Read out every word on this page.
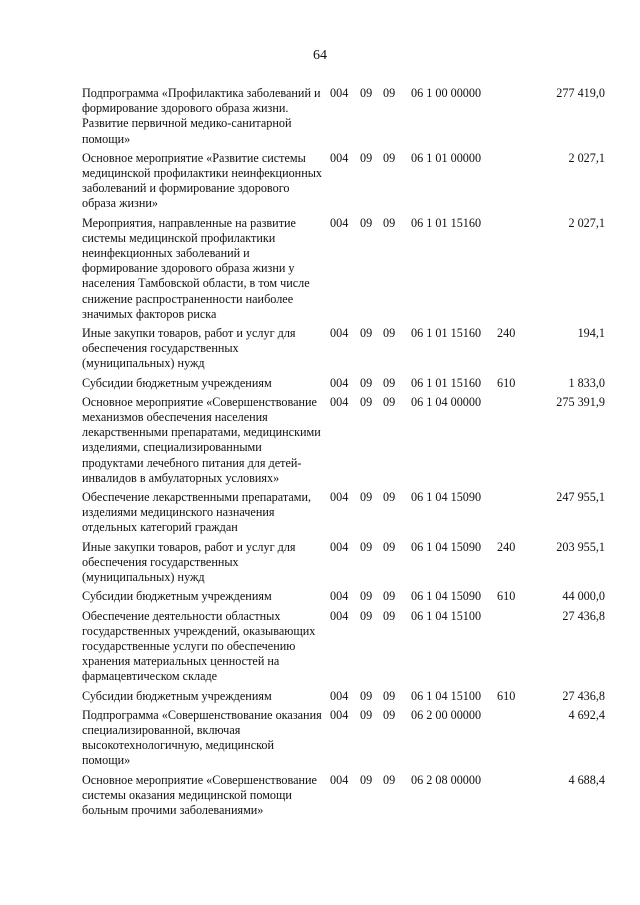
64
Подпрограмма «Профилактика заболеваний и формирование здорового образа жизни. Развитие первичной медико-санитарной помощи»
004 09 09 06 1 00 00000	277 419,0
Основное мероприятие «Развитие системы медицинской профилактики неинфекционных заболеваний и формирование здорового образа жизни»
004 09 09 06 1 01 00000	2 027,1
Мероприятия, направленные на развитие системы медицинской профилактики неинфекционных заболеваний и формирование здорового образа жизни у населения Тамбовской области, в том числе снижение распространенности наиболее значимых факторов риска
004 09 09 06 1 01 15160	2 027,1
Иные закупки товаров, работ и услуг для обеспечения государственных (муниципальных) нужд
004 09 09 06 1 01 15160 240	194,1
Субсидии бюджетным учреждениям	004 09 09 06 1 01 15160 610	1 833,0
Основное мероприятие «Совершенствование механизмов обеспечения населения лекарственными препаратами, медицинскими изделиями, специализированными продуктами лечебного питания для детей-инвалидов в амбулаторных условиях»
004 09 09 06 1 04 00000	275 391,9
Обеспечение лекарственными препаратами, изделиями медицинского назначения отдельных категорий граждан
004 09 09 06 1 04 15090	247 955,1
Иные закупки товаров, работ и услуг для обеспечения государственных (муниципальных) нужд
004 09 09 06 1 04 15090 240	203 955,1
Субсидии бюджетным учреждениям	004 09 09 06 1 04 15090 610	44 000,0
Обеспечение деятельности областных государственных учреждений, оказывающих государственные услуги по обеспечению хранения материальных ценностей на фармацевтическом складе
004 09 09 06 1 04 15100	27 436,8
Субсидии бюджетным учреждениям	004 09 09 06 1 04 15100 610	27 436,8
Подпрограмма «Совершенствование оказания специализированной, включая высокотехнологичную, медицинской помощи»
004 09 09 06 2 00 00000	4 692,4
Основное мероприятие «Совершенствование системы оказания медицинской помощи больным прочими заболеваниями»
004 09 09 06 2 08 00000	4 688,4
